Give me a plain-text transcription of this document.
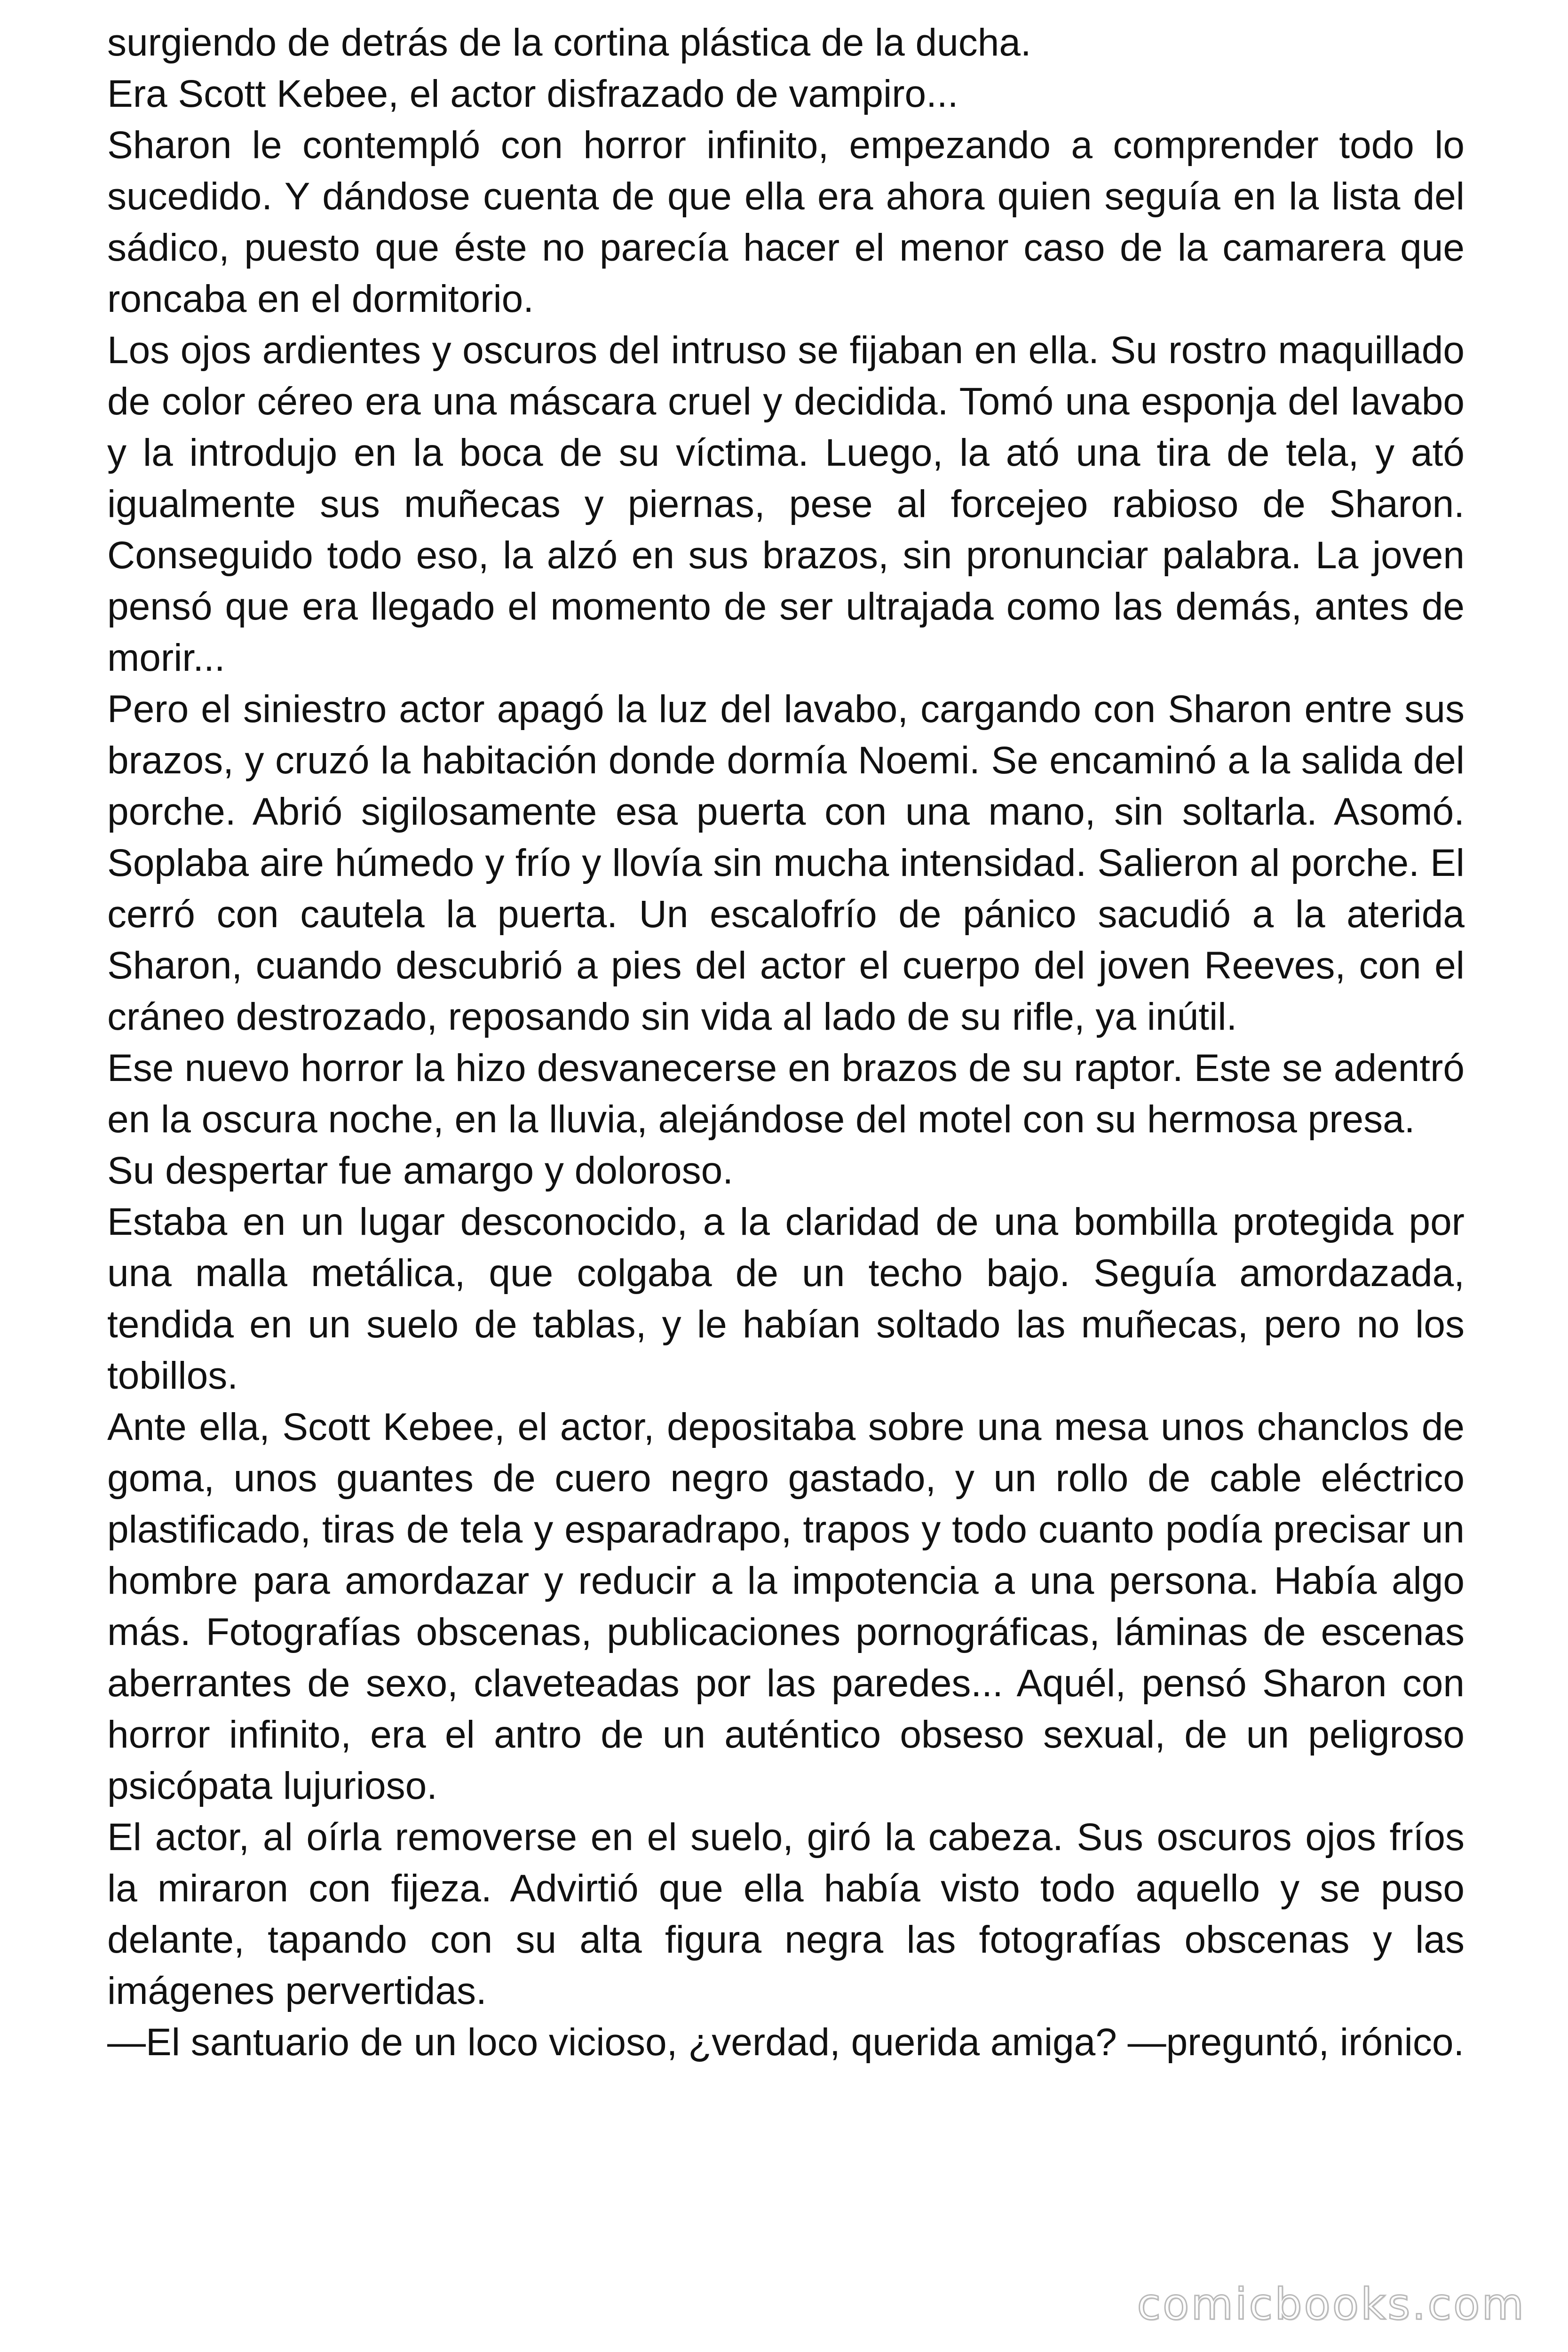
surgiendo de detrás de la cortina plástica de la ducha.

Era Scott Kebee, el actor disfrazado de vampiro...

Sharon le contempló con horror infinito, empezando a comprender todo lo sucedido. Y dándose cuenta de que ella era ahora quien seguía en la lista del sádico, puesto que éste no parecía hacer el menor caso de la camarera que roncaba en el dormitorio.

Los ojos ardientes y oscuros del intruso se fijaban en ella. Su rostro maquillado de color céreo era una máscara cruel y decidida. Tomó una esponja del lavabo y la introdujo en la boca de su víctima. Luego, la ató una tira de tela, y ató igualmente sus muñecas y piernas, pese al forcejeo rabioso de Sharon. Conseguido todo eso, la alzó en sus brazos, sin pronunciar palabra. La joven pensó que era llegado el momento de ser ultrajada como las demás, antes de morir...

Pero el siniestro actor apagó la luz del lavabo, cargando con Sharon entre sus brazos, y cruzó la habitación donde dormía Noemi. Se encaminó a la salida del porche. Abrió sigilosamente esa puerta con una mano, sin soltarla. Asomó. Soplaba aire húmedo y frío y llovía sin mucha intensidad. Salieron al porche. El cerró con cautela la puerta. Un escalofrío de pánico sacudió a la aterida Sharon, cuando descubrió a pies del actor el cuerpo del joven Reeves, con el cráneo destrozado, reposando sin vida al lado de su rifle, ya inútil.

Ese nuevo horror la hizo desvanecerse en brazos de su raptor. Este se adentró en la oscura noche, en la lluvia, alejándose del motel con su hermosa presa.

Su despertar fue amargo y doloroso.

Estaba en un lugar desconocido, a la claridad de una bombilla protegida por una malla metálica, que colgaba de un techo bajo. Seguía amordazada, tendida en un suelo de tablas, y le habían soltado las muñecas, pero no los tobillos.

Ante ella, Scott Kebee, el actor, depositaba sobre una mesa unos chanclos de goma, unos guantes de cuero negro gastado, y un rollo de cable eléctrico plastificado, tiras de tela y esparadrapo, trapos y todo cuanto podía precisar un hombre para amordazar y reducir a la impotencia a una persona. Había algo más. Fotografías obscenas, publicaciones pornográficas, láminas de escenas aberrantes de sexo, claveteadas por las paredes... Aquél, pensó Sharon con horror infinito, era el antro de un auténtico obseso sexual, de un peligroso psicópata lujurioso.

El actor, al oírla removerse en el suelo, giró la cabeza. Sus oscuros ojos fríos la miraron con fijeza. Advirtió que ella había visto todo aquello y se puso delante, tapando con su alta figura negra las fotografías obscenas y las imágenes pervertidas.

—El santuario de un loco vicioso, ¿verdad, querida amiga? —preguntó, irónico.

comicbooks.com
